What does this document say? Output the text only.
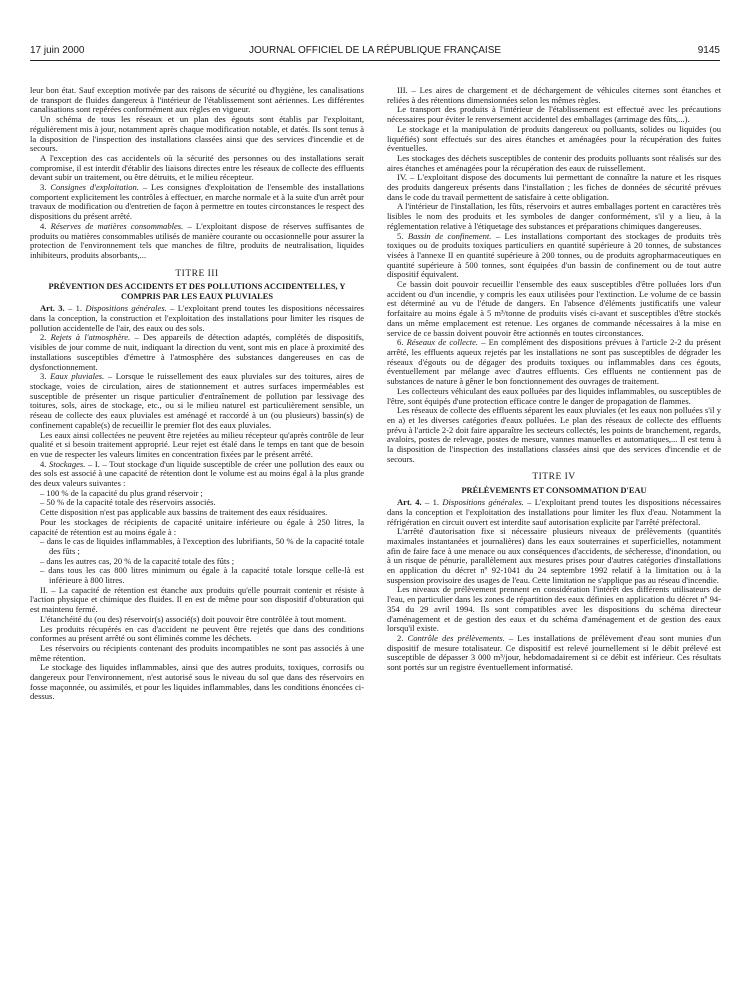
JOURNAL OFFICIEL DE LA RÉPUBLIQUE FRANÇAISE
17 juin 2000	9145

leur bon état. Sauf exception motivée par des raisons de sécurité ou d'hygiène, les canalisations de transport de fluides dangereux à l'intérieur de l'établissement sont aériennes. Les différentes canalisations sont repérées conformément aux règles en vigueur.

Un schéma de tous les réseaux et un plan des égouts sont établis par l'exploitant, régulièrement mis à jour, notamment après chaque modification notable, et datés. Ils sont tenus à la disposition de l'inspection des installations classées ainsi que des services d'incendie et de secours.

A l'exception des cas accidentels où la sécurité des personnes ou des installations serait compromise, il est interdit d'établir des liaisons directes entre les réseaux de collecte des effluents devant subir un traitement, ou être détruits, et le milieu récepteur.

3. Consignes d'exploitation. – Les consignes d'exploitation de l'ensemble des installations comportent explicitement les contrôles à effectuer, en marche normale et à la suite d'un arrêt pour travaux de modification ou d'entretien de façon à permettre en toutes circonstances le respect des dispositions du présent arrêté.

4. Réserves de matières consommables. – L'exploitant dispose de réserves suffisantes de produits ou matières consommables utilisés de manière courante ou occasionnelle pour assurer la protection de l'environnement tels que manches de filtre, produits de neutralisation, liquides inhibiteurs, produits absorbants,...

TITRE III
PRÉVENTION DES ACCIDENTS ET DES POLLUTIONS ACCIDENTELLES, Y COMPRIS PAR LES EAUX PLUVIALES

Art. 3. – 1. Dispositions générales. – L'exploitant prend toutes les dispositions nécessaires dans la conception, la construction et l'exploitation des installations pour limiter les risques de pollution accidentelle de l'air, des eaux ou des sols.

2. Rejets à l'atmosphère. – Des appareils de détection adaptés, complétés de dispositifs, visibles de jour comme de nuit, indiquant la direction du vent, sont mis en place à proximité des installations susceptibles d'émettre à l'atmosphère des substances dangereuses en cas de dysfonctionnement.

3. Eaux pluviales. – Lorsque le ruissellement des eaux pluviales sur des toitures, aires de stockage, voies de circulation, aires de stationnement et autres surfaces imperméables est susceptible de présenter un risque particulier d'entraînement de pollution par lessivage des toitures, sols, aires de stockage, etc., ou si le milieu naturel est particulièrement sensible, un réseau de collecte des eaux pluviales est aménagé et raccordé à un (ou plusieurs) bassin(s) de confinement capable(s) de recueillir le premier flot des eaux pluviales.

Les eaux ainsi collectées ne peuvent être rejetées au milieu récepteur qu'après contrôle de leur qualité et si besoin traitement approprié. Leur rejet est étalé dans le temps en tant que de besoin en vue de respecter les valeurs limites en concentration fixées par le présent arrêté.

4. Stockages. – I. – Tout stockage d'un liquide susceptible de créer une pollution des eaux ou des sols est associé à une capacité de rétention dont le volume est au moins égal à la plus grande des deux valeurs suivantes :

– 100 % de la capacité du plus grand réservoir ;
– 50 % de la capacité totale des réservoirs associés.

Cette disposition n'est pas applicable aux bassins de traitement des eaux résiduaires.

Pour les stockages de récipients de capacité unitaire inférieure ou égale à 250 litres, la capacité de rétention est au moins égale à :

– dans le cas de liquides inflammables, à l'exception des lubrifiants, 50 % de la capacité totale des fûts ;
– dans les autres cas, 20 % de la capacité totale des fûts ;
– dans tous les cas 800 litres minimum ou égale à la capacité totale lorsque celle-là est inférieure à 800 litres.

II. – La capacité de rétention est étanche aux produits qu'elle pourrait contenir et résiste à l'action physique et chimique des fluides. Il en est de même pour son dispositif d'obturation qui est maintenu fermé.

L'étanchéité du (ou des) réservoir(s) associé(s) doit pouvoir être contrôlée à tout moment.

Les produits récupérés en cas d'accident ne peuvent être rejetés que dans des conditions conformes au présent arrêté ou sont éliminés comme les déchets.

Les réservoirs ou récipients contenant des produits incompatibles ne sont pas associés à une même rétention.

Le stockage des liquides inflammables, ainsi que des autres produits, toxiques, corrosifs ou dangereux pour l'environnement, n'est autorisé sous le niveau du sol que dans des réservoirs en fosse maçonnée, ou assimilés, et pour les liquides inflammables, dans les conditions énoncées ci-dessus.

III. – Les aires de chargement et de déchargement de véhicules citernes sont étanches et reliées à des rétentions dimensionnées selon les mêmes règles.

Le transport des produits à l'intérieur de l'établissement est effectué avec les précautions nécessaires pour éviter le renversement accidentel des emballages (arrimage des fûts,...).

Le stockage et la manipulation de produits dangereux ou polluants, solides ou liquides (ou liquéfiés) sont effectués sur des aires étanches et aménagées pour la récupération des fuites éventuelles.

Les stockages des déchets susceptibles de contenir des produits polluants sont réalisés sur des aires étanches et aménagées pour la récupération des eaux de ruissellement.

IV. – L'exploitant dispose des documents lui permettant de connaître la nature et les risques des produits dangereux présents dans l'installation ; les fiches de données de sécurité prévues dans le code du travail permettent de satisfaire à cette obligation.

A l'intérieur de l'installation, les fûts, réservoirs et autres emballages portent en caractères très lisibles le nom des produits et les symboles de danger conformément, s'il y a lieu, à la réglementation relative à l'étiquetage des substances et préparations chimiques dangereuses.

5. Bassin de confinement. – Les installations comportant des stockages de produits très toxiques ou de produits toxiques particuliers en quantité supérieure à 20 tonnes, de substances visées à l'annexe II en quantité supérieure à 200 tonnes, ou de produits agropharmaceutiques en quantité supérieure à 500 tonnes, sont équipées d'un bassin de confinement ou de tout autre dispositif équivalent.

Ce bassin doit pouvoir recueillir l'ensemble des eaux susceptibles d'être polluées lors d'un accident ou d'un incendie, y compris les eaux utilisées pour l'extinction. Le volume de ce bassin est déterminé au vu de l'étude de dangers. En l'absence d'éléments justificatifs une valeur forfaitaire au moins égale à 5 m³/tonne de produits visés ci-avant et susceptibles d'être stockés dans un même emplacement est retenue. Les organes de commande nécessaires à la mise en service de ce bassin doivent pouvoir être actionnés en toutes circonstances.

6. Réseaux de collecte. – En complément des dispositions prévues à l'article 2-2 du présent arrêté, les effluents aqueux rejetés par les installations ne sont pas susceptibles de dégrader les réseaux d'égouts ou de dégager des produits toxiques ou inflammables dans ces égouts, éventuellement par mélange avec d'autres effluents. Ces effluents ne contiennent pas de substances de nature à gêner le bon fonctionnement des ouvrages de traitement.

Les collecteurs véhiculant des eaux polluées par des liquides inflammables, ou susceptibles de l'être, sont équipés d'une protection efficace contre le danger de propagation de flammes.

Les réseaux de collecte des effluents séparent les eaux pluviales (et les eaux non polluées s'il y en a) et les diverses catégories d'eaux polluées. Le plan des réseaux de collecte des effluents prévu à l'article 2-2 doit faire apparaître les secteurs collectés, les points de branchement, regards, avaloirs, postes de relevage, postes de mesure, vannes manuelles et automatiques,... Il est tenu à la disposition de l'inspection des installations classées ainsi que des services d'incendie et de secours.

TITRE IV
PRÉLÈVEMENTS ET CONSOMMATION D'EAU

Art. 4. – 1. Dispositions générales. – L'exploitant prend toutes les dispositions nécessaires dans la conception et l'exploitation des installations pour limiter les flux d'eau. Notamment la réfrigération en circuit ouvert est interdite sauf autorisation explicite par l'arrêté préfectoral.

L'arrêté d'autorisation fixe si nécessaire plusieurs niveaux de prélèvements (quantités maximales instantanées et journalières) dans les eaux souterraines et superficielles, notamment afin de faire face à une menace ou aux conséquences d'accidents, de sécheresse, d'inondation, ou à un risque de pénurie, parallèlement aux mesures prises pour d'autres catégories d'installations en application du décret nº 92-1041 du 24 septembre 1992 relatif à la limitation ou à la suspension provisoire des usages de l'eau. Cette limitation ne s'applique pas au réseau d'incendie.

Les niveaux de prélèvement prennent en considération l'intérêt des différents utilisateurs de l'eau, en particulier dans les zones de répartition des eaux définies en application du décret nº 94-354 du 29 avril 1994. Ils sont compatibles avec les dispositions du schéma directeur d'aménagement et de gestion des eaux et du schéma d'aménagement et de gestion des eaux lorsqu'il existe.

2. Contrôle des prélèvements. – Les installations de prélèvement d'eau sont munies d'un dispositif de mesure totalisateur. Ce dispositif est relevé journellement si le débit prélevé est susceptible de dépasser 3 000 m³/jour, hebdomadairement si ce débit est inférieur. Ces résultats sont portés sur un registre éventuellement informatisé.
